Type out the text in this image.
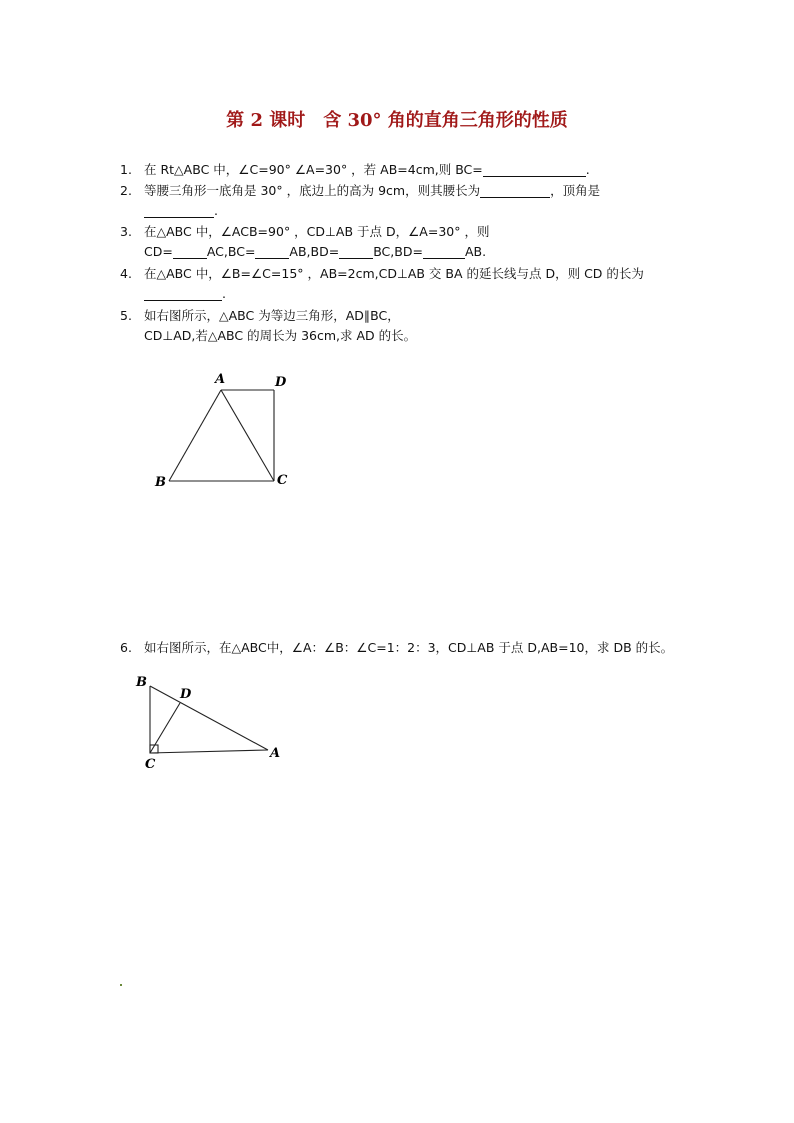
第 2 课时　含 30° 角的直角三角形的性质
1. 在 Rt△ABC 中，∠C=90° ∠A=30° ，若 AB=4cm,则 BC=	.
2. 等腰三角形一底角是 30° ，底边上的高为 9cm，则其腰长为	，顶角是
.
3. 在△ABC 中，∠ACB=90° ，CD⊥AB 于点 D，∠A=30° ，则
CD=	AC,BC=	AB,BD=	BC,BD=	AB.
4. 在△ABC 中，∠B=∠C=15° ，AB=2cm,CD⊥AB 交 BA 的延长线与点 D，则 CD 的长为
.
5. 如右图所示，△ABC 为等边三角形，AD∥BC，
CD⊥AD,若△ABC 的周长为 36cm,求 AD 的长。
A	D
B	C
6. 如右图所示，在△ABC中，∠A：∠B：∠C=1：2：3，CD⊥AB 于点 D,AB=10，求 DB 的长。
B
D
C
A
